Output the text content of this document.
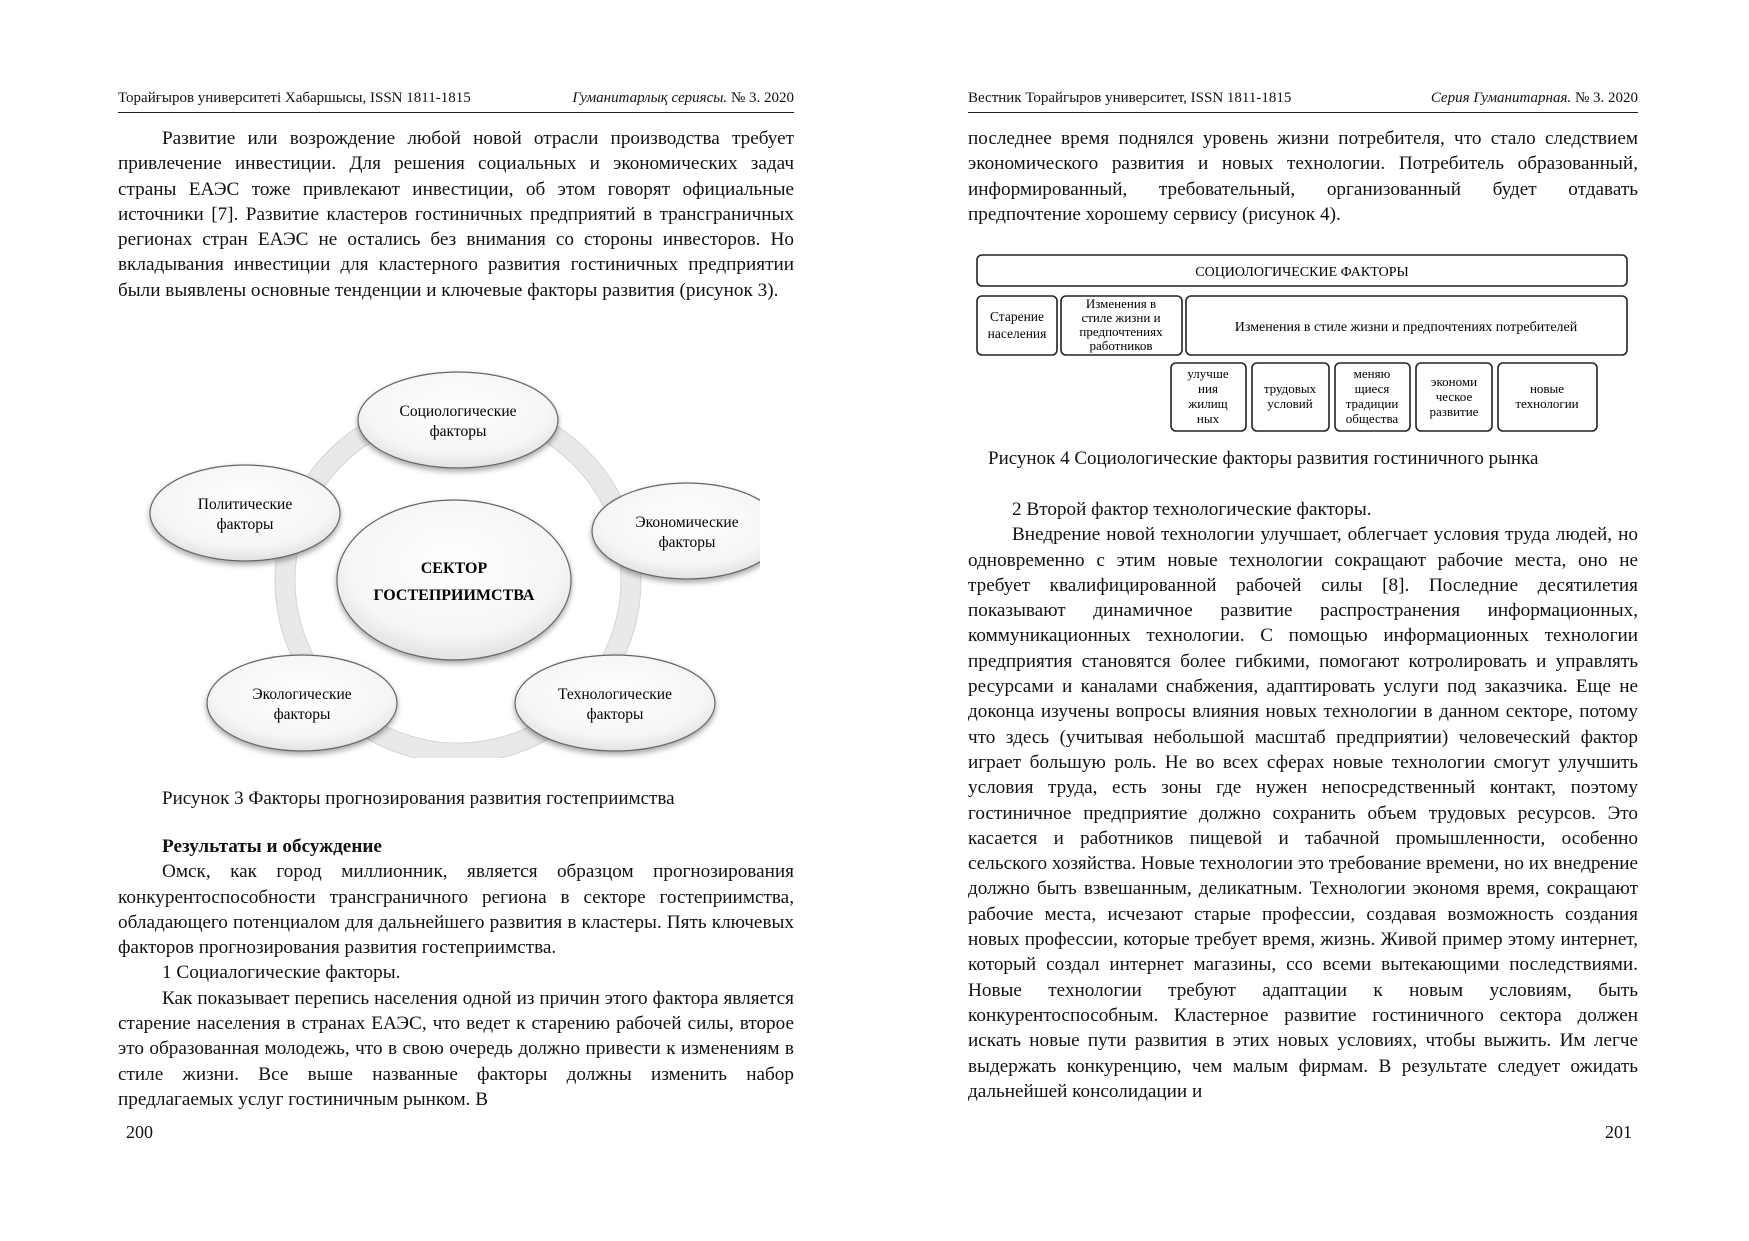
Торайғыров университеті Хабаршысы, ISSN 1811-1815	Гуманитарлық сериясы. № 3. 2020

Развитие или возрождение любой новой отрасли производства требует привлечение инвестиции. Для решения социальных и экономических задач страны ЕАЭС тоже привлекают инвестиции, об этом говорят официальные источники [7]. Развитие кластеров гостиничных предприятий в трансграничных регионах стран ЕАЭС не остались без внимания со стороны инвесторов. Но вкладывания инвестиции для кластерного развития гостиничных предприятии были выявлены основные тенденции и ключевые факторы развития (рисунок 3).

СЕКТОР
ГОСТЕПРИИМСТВА
Социологические
факторы
Экономические
факторы
Технологические
факторы
Экологические
факторы
Политические
факторы
Рисунок 3 Факторы прогнозирования развития гостеприимства

Результаты и обсуждение

Омск, как город миллионник, является образцом прогнозирования конкурентоспособности трансграничного региона в секторе гостеприимства, обладающего потенциалом для дальнейшего развития в кластеры. Пять ключевых факторов прогнозирования развития гостеприимства.

1 Социалогические факторы.

Как показывает перепись населения одной из причин этого фактора является старение населения в странах ЕАЭС, что ведет к старению рабочей силы, второе это образованная молодежь, что в свою очередь должно привести к изменениям в стиле жизни. Все выше названные факторы должны изменить набор предлагаемых услуг гостиничным рынком. В

200
Вестник Торайгыров университет, ISSN 1811-1815	Серия Гуманитарная. № 3. 2020

последнее время поднялся уровень жизни потребителя, что стало следствием экономического развития и новых технологии. Потребитель образованный, информированный, требовательный, организованный будет отдавать предпочтение хорошему сервису (рисунок 4).

СОЦИОЛОГИЧЕСКИЕ ФАКТОРЫ
Старение
населения
Изменения в
стиле жизни и
предпочтениях
работников
Изменения в стиле жизни и предпочтениях потребителей
улучше
ния
жилищ
ных
трудовых
условий
меняю
щиеся
традиции
общества
экономи
ческое
развитие
новые
технологии
Рисунок 4 Социологические факторы развития гостиничного рынка

2 Второй фактор технологические факторы.

Внедрение новой технологии улучшает, облегчает условия труда людей, но одновременно с этим новые технологии сокращают рабочие места, оно не требует квалифицированной рабочей силы [8]. Последние десятилетия показывают динамичное развитие распространения информационных, коммуникационных технологии. С помощью информационных технологии предприятия становятся более гибкими, помогают котролировать и управлять ресурсами и каналами снабжения, адаптировать услуги под заказчика. Еще не доконца изучены вопросы влияния новых технологии в данном секторе, потому что здесь (учитывая небольшой масштаб предприятии) человеческий фактор играет большую роль. Не во всех сферах новые технологии смогут улучшить условия труда, есть зоны где нужен непосредственный контакт, поэтому гостиничное предприятие должно сохранить объем трудовых ресурсов. Это касается и работников пищевой и табачной промышленности, особенно сельского хозяйства. Новые технологии это требование времени, но их внедрение должно быть взвешанным, деликатным. Технологии экономя время, сокращают рабочие места, исчезают старые профессии, создавая возможность создания новых профессии, которые требует время, жизнь. Живой пример этому интернет, который создал интернет магазины, ссо всеми вытекающими последствиями. Новые технологии требуют адаптации к новым условиям, быть конкурентоспособным. Кластерное развитие гостиничного сектора должен искать новые пути развития в этих новых условиях, чтобы выжить. Им легче выдержать конкуренцию, чем малым фирмам. В результате следует ожидать дальнейшей консолидации и

201
